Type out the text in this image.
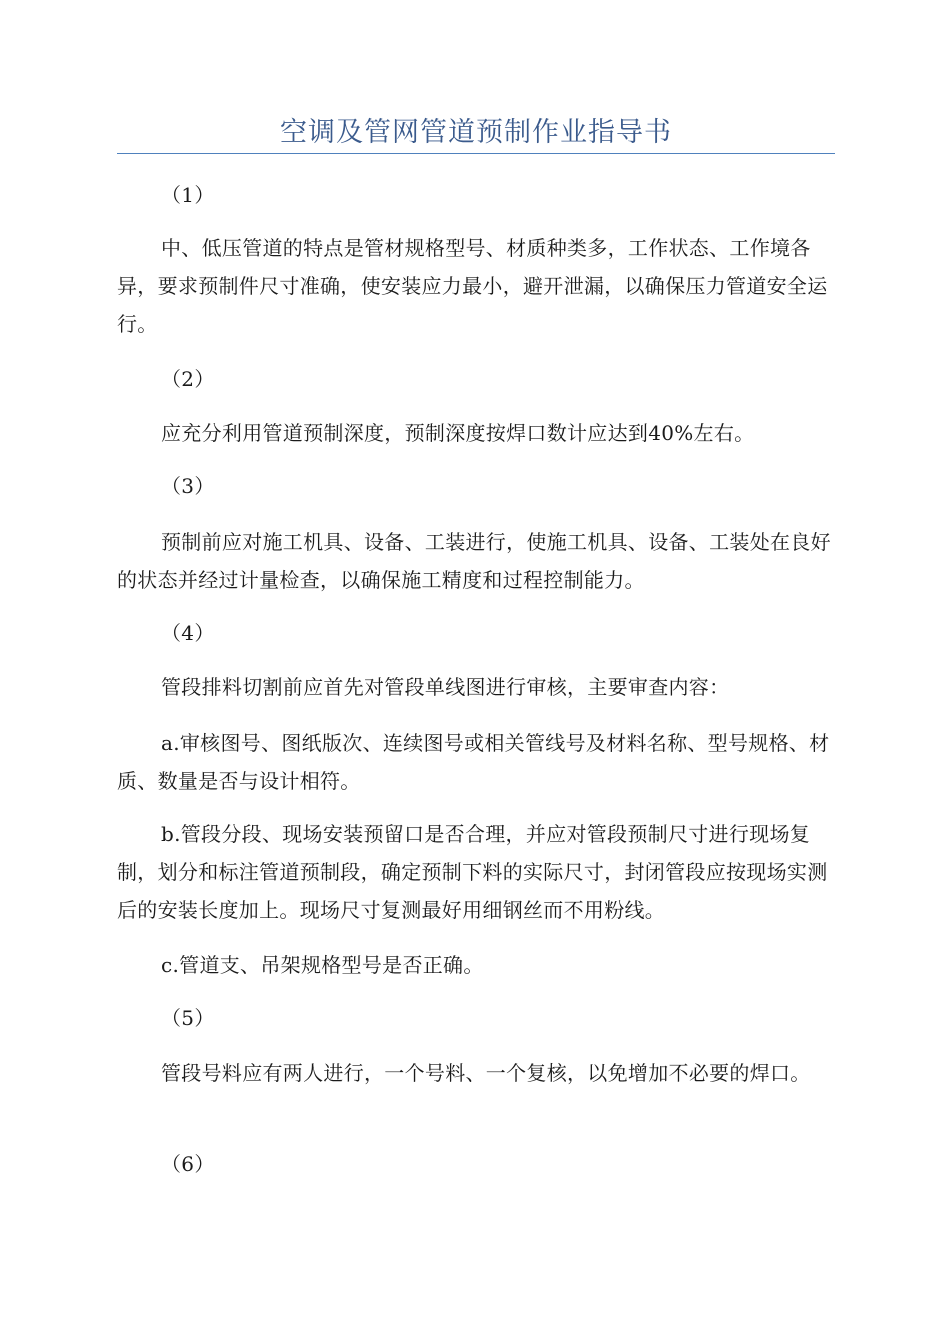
空调及管网管道预制作业指导书

（1）

中、低压管道的特点是管材规格型号、材质种类多，工作状态、工作境各异，要求预制件尺寸准确，使安装应力最小，避开泄漏，以确保压力管道安全运行。

（2）

应充分利用管道预制深度，预制深度按焊口数计应达到40%左右。

（3）

预制前应对施工机具、设备、工装进行，使施工机具、设备、工装处在良好的状态并经过计量检查，以确保施工精度和过程控制能力。

（4）

管段排料切割前应首先对管段单线图进行审核，主要审查内容：

a.审核图号、图纸版次、连续图号或相关管线号及材料名称、型号规格、材质、数量是否与设计相符。

b.管段分段、现场安装预留口是否合理，并应对管段预制尺寸进行现场复制，划分和标注管道预制段，确定预制下料的实际尺寸，封闭管段应按现场实测后的安装长度加上。现场尺寸复测最好用细钢丝而不用粉线。

c.管道支、吊架规格型号是否正确。

（5）

管段号料应有两人进行，一个号料、一个复核，以免增加不必要的焊口。

（6）
